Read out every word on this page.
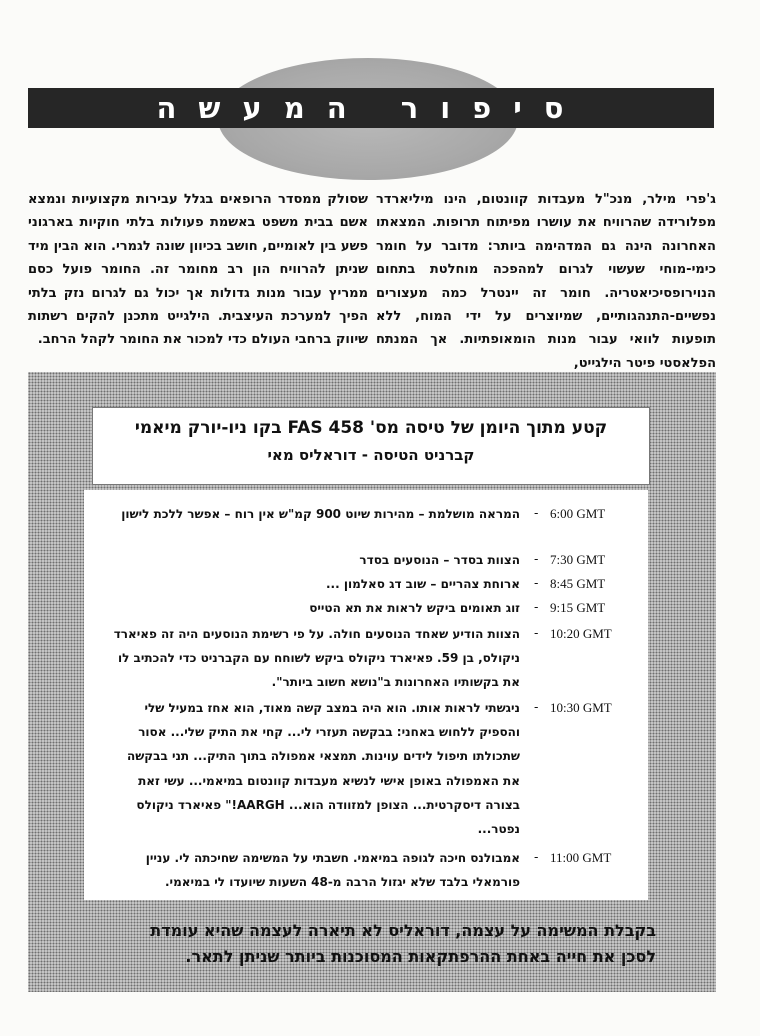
סיפור המעשה
ג'פרי מילר, מנכ"ל מעבדות קוונטום, הינו מיליארדר מפלורידה שהרוויח את עושרו מפיתוח תרופות. המצאתו האחרונה הינה גם המדהימה ביותר: מדובר על חומר כימי-מוחי שעשוי לגרום למהפכה מוחלטת בתחום הנוירופסיכיאטריה. חומר זה יינטרל כמה מעצורים נפשיים-התנהגותיים, שמיוצרים על ידי המוח, ללא תופעות לוואי עבור מנות הומאופתיות. אך המנתח הפלאסטי פיטר הילגייט,
שסולק ממסדר הרופאים בגלל עבירות מקצועיות ונמצא אשם בבית משפט באשמת פעולות בלתי חוקיות בארגוני פשע בין לאומיים, חושב בכיוון שונה לגמרי. הוא הבין מיד שניתן להרוויח הון רב מחומר זה. החומר פועל כסם ממריץ עבור מנות גדולות אך יכול גם לגרום נזק בלתי הפיך למערכת העיצבית. הילגייט מתכנן להקים רשתות שיווק ברחבי העולם כדי למכור את החומר לקהל הרחב.
קטע מתוך היומן של טיסה מס' FAS 458 בקו ניו-יורק מיאמי
קברניט הטיסה - דוראליס מאי
6:00 GMT
-
המראה מושלמת – מהירות שיוט 900 קמ"ש אין רוח – אפשר ללכת לישון
7:30 GMT
-
הצוות בסדר – הנוסעים בסדר
8:45 GMT
-
ארוחת צהריים – שוב דג סאלמון ...
9:15 GMT
-
זוג תאומים ביקש לראות את תא הטייס
10:20 GMT
-
הצוות הודיע שאחד הנוסעים חולה. על פי רשימת הנוסעים היה זה פאיארד ניקולס, בן 59. פאיארד ניקולס ביקש לשוחח עם הקברניט כדי להכתיב לו את בקשותיו האחרונות ב"נושא חשוב ביותר".
10:30 GMT
-
ניגשתי לראות אותו. הוא היה במצב קשה מאוד, הוא אחז במעיל שלי והספיק ללחוש באחני: בבקשה תעזרי לי... קחי את התיק שלי... אסור שתכולתו תיפול לידים עוינות. תמצאי אמפולה בתוך התיק... תני בבקשה את האמפולה באופן אישי לנשיא מעבדות קוונטום במיאמי... עשי זאת בצורה דיסקרטית... הצופן למזוודה הוא... AARGH!" פאיארד ניקולס נפטר...
11:00 GMT
-
אמבולנס חיכה לגופה במיאמי. חשבתי על המשימה שחיכתה לי. עניין פורמאלי בלבד שלא יגזול הרבה מ-48 השעות שיועדו לי במיאמי.
בקבלת המשימה על עצמה, דוראליס לא תיארה לעצמה שהיא עומדת לסכן את חייה באחת ההרפתקאות המסוכנות ביותר שניתן לתאר.
